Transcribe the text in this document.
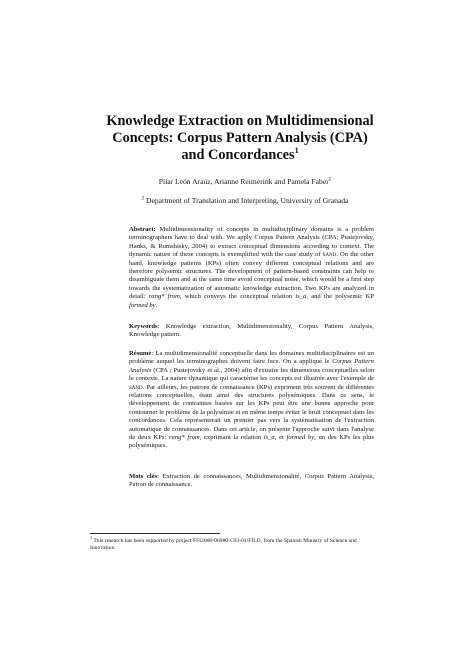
Knowledge Extraction on Multidimensional Concepts: Corpus Pattern Analysis (CPA) and Concordances$^1$
Pilar León Araúz, Arianne Reimerink and Pamela Faber$^2$
$^2$ Department of Translation and Interpreting, University of Granada
Abstract: Multidimensionality of concepts in multidisciplinary domains is a problem terminographers have to deal with. We apply Corpus Pattern Analysis (CPA; Pustejovsky, Hanks, & Rumshisky, 2004) to extract conceptual dimensions according to context. The dynamic nature of these concepts is exemplified with the case study of sand. On the other hand, knowledge patterns (KPs) often convey different conceptual relations and are therefore polysemic structures. The development of pattern-based constraints can help to disambiguate them and at the same time avoid conceptual noise, which would be a first step towards the systematization of automatic knowledge extraction. Two KPs are analyzed in detail: rang* from, which conveys the conceptual relation is_a, and the polysemic KP formed by.
Keywords: Knowledge extraction, Multidimensionality, Corpus Pattern Analysis, Knowledge pattern.
Résumé: La multidimensionalité conceptuelle dans les domaines multidisciplinaires est un problème auquel les terminographes doivent faire face. On a appliqué le Corpus Pattern Analysis (CPA ; Pustejovsky et al., 2004) afin d'extraire les dimensions conceptuelles selon le contexte. La nature dynamique qui caractérise les concepts est illustrée avec l'exemple de sand. Par ailleurs, les patrons de connaissance (KPs) expriment très souvent de différentes relations conceptuelles, étant ainsi des structures polysémiques. Dans ce sens, le développement de contraintes basées sur les KPs peut être une bonne approche pour contourner le problème de la polysémie et en même temps éviter le bruit conceptuel dans les concordances. Cela représenterait un premier pas vers la systématisation de l'extraction automatique de connaissances. Dans cet article, on présente l'approche suivi dans l'analyse de deux KPs: rang* from, exprimant la relation is_a, et formed by, un des KPs les plus polysémiques.
Mots clés: Extraction de connaissances, Multidimensionalité, Corpus Pattern Analysis, Patron de connaissance.
$^1$ This research has been supported by project FFI2008-06080-C03-01/FILO, from the Spanish Ministry of Science and Innovation.
